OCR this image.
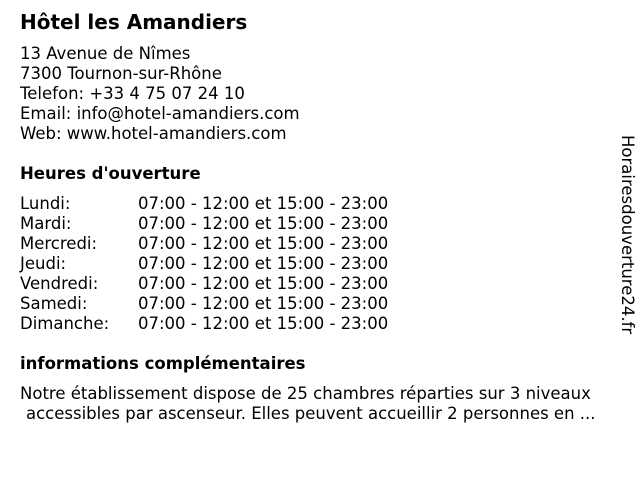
Hôtel les Amandiers
13 Avenue de Nîmes
7300 Tournon-sur-Rhône
Telefon: +33 4 75 07 24 10
Email: info@hotel-amandiers.com
Web: www.hotel-amandiers.com
Heures d'ouverture
Lundi:	07:00 - 12:00 et 15:00 - 23:00
Mardi:	07:00 - 12:00 et 15:00 - 23:00
Mercredi:	07:00 - 12:00 et 15:00 - 23:00
Jeudi:	07:00 - 12:00 et 15:00 - 23:00
Vendredi:	07:00 - 12:00 et 15:00 - 23:00
Samedi:	07:00 - 12:00 et 15:00 - 23:00
Dimanche:	07:00 - 12:00 et 15:00 - 23:00
informations complémentaires
Notre établissement dispose de 25 chambres réparties sur 3 niveaux
accessibles par ascenseur. Elles peuvent accueillir 2 personnes en ...
Horairesdouverture24.fr
